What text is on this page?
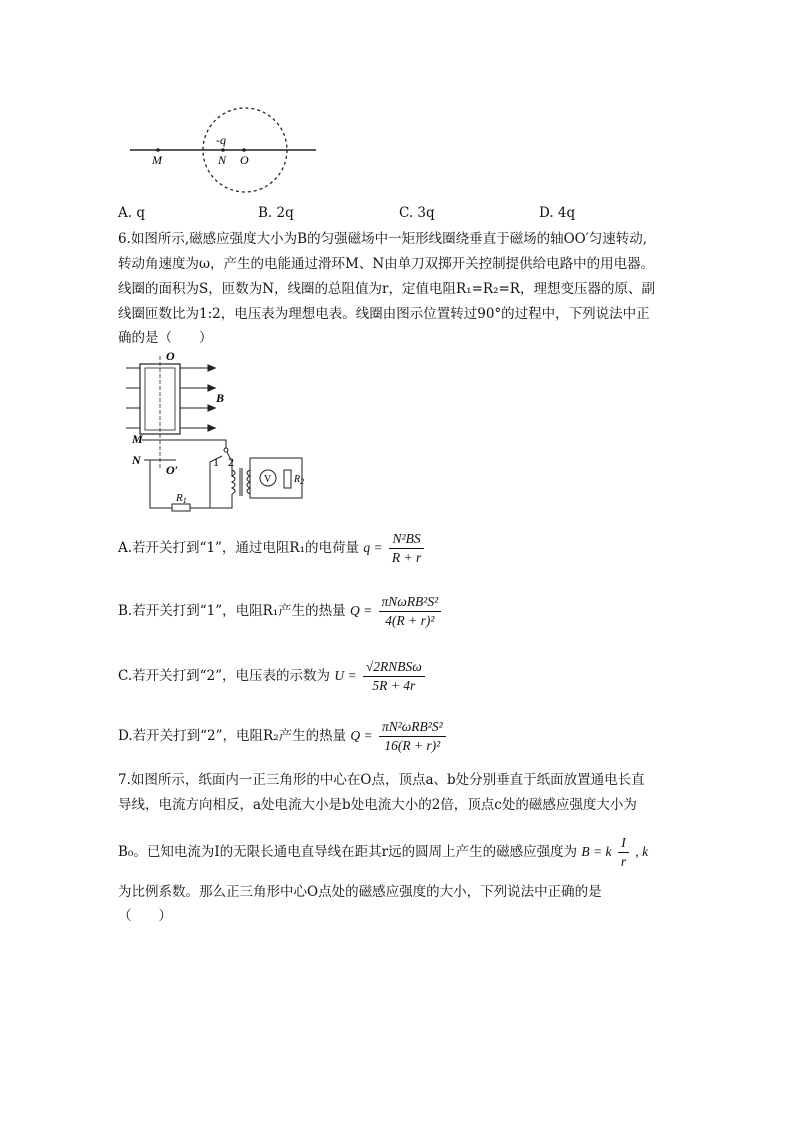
-q
M	N O
A. q	B. 2q	C. 3q	D. 4q
6.如图所示,磁感应强度大小为B的匀强磁场中一矩形线圈绕垂直于磁场的轴OO′匀速转动,
转动角速度为ω，产生的电能通过滑环M、N由单刀双掷开关控制提供给电路中的用电器。
线圈的面积为S，匝数为N，线圈的总阻值为r，定值电阻R₁=R₂=R，理想变压器的原、副
线圈匝数比为1:2，电压表为理想电表。线圈由图示位置转过90°的过程中，下列说法中正
确的是（　　）
O
B
M
N
O′
1 2
V
R1
$R_2$
A.若开关打到“1”，通过电阻R₁的电荷量 $q = \frac{\text{N²BS}}{R + r}$
B.若开关打到“1”，电阻R₁产生的热量 $Q = \frac{\text{πNωRB²S²}}{\text{4(R + r)²}}$
C.若开关打到“2”，电压表的示数为 $U = \frac{\text{√2RNBSω}}{5R + 4r}$
D.若开关打到“2”，电阻R₂产生的热量 $Q = \frac{\text{πN²ωRB²S²}}{\text{16(R + r)²}}$
7.如图所示，纸面内一正三角形的中心在O点，顶点a、b处分别垂直于纸面放置通电长直
导线，电流方向相反，a处电流大小是b处电流大小的2倍，顶点c处的磁感应强度大小为
B₀。已知电流为I的无限长通电直导线在距其r远的圆周上产生的磁感应强度为 B = k $\frac{I}{r}$ , k
为比例系数。那么正三角形中心O点处的磁感应强度的大小，下列说法中正确的是
（　　）
